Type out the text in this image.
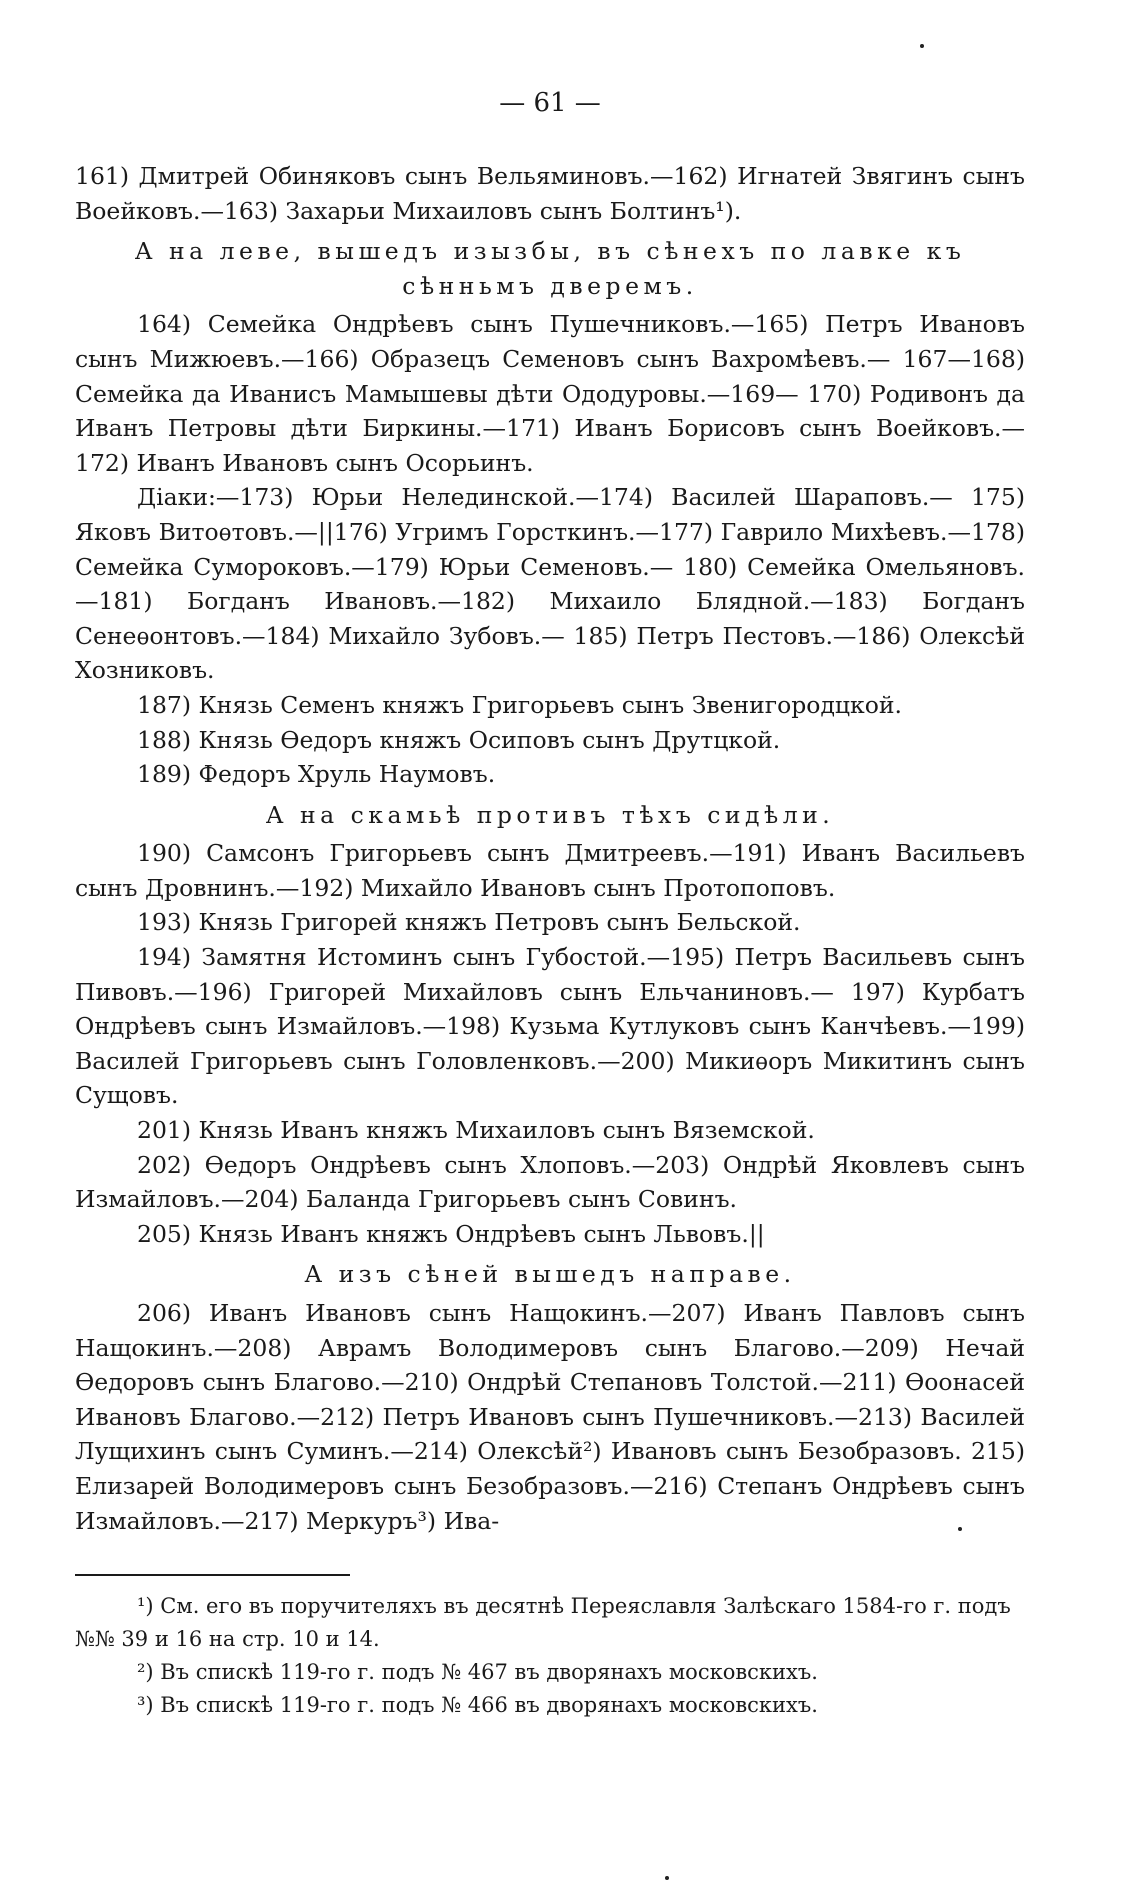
— 61 —

161) Дмитрей Обиняковъ сынъ Вельяминовъ.—162) Игнатей Звягинъ сынъ Воейковъ.—163) Захарьи Михаиловъ сынъ Болтинъ¹).

А на леве, вышедъ изызбы, въ сѣнехъ по лавке къ сѣнньмъ дверемъ.

164) Семейка Ондрѣевъ сынъ Пушечниковъ.—165) Петръ Ивановъ сынъ Мижюевъ.—166) Образецъ Семеновъ сынъ Вахромѣевъ.— 167—168) Семейка да Иванисъ Мамышевы дѣти Ододуровы.—169— 170) Родивонъ да Иванъ Петровы дѣти Биркины.—171) Иванъ Борисовъ сынъ Воейковъ.—172) Иванъ Ивановъ сынъ Осорьинъ.

Дiаки:—173) Юрьи Нелединской.—174) Василей Шараповъ.— 175) Яковъ Витоѳтовъ.—||176) Угримъ Горсткинъ.—177) Гаврило Михѣевъ.—178) Семейка Сумороковъ.—179) Юрьи Семеновъ.— 180) Семейка Омельяновъ.—181) Богданъ Ивановъ.—182) Михаило Блядной.—183) Богданъ Сенеѳонтовъ.—184) Михайло Зубовъ.— 185) Петръ Пестовъ.—186) Олексѣй Хозниковъ.

187) Князь Семенъ княжъ Григорьевъ сынъ Звенигородцкой.

188) Князь Ѳедоръ княжъ Осиповъ сынъ Друтцкой.

189) Федоръ Хруль Наумовъ.

А на скамьѣ противъ тѣхъ сидѣли.

190) Самсонъ Григорьевъ сынъ Дмитреевъ.—191) Иванъ Васильевъ сынъ Дровнинъ.—192) Михайло Ивановъ сынъ Протопоповъ.

193) Князь Григорей княжъ Петровъ сынъ Бельской.

194) Замятня Истоминъ сынъ Губостой.—195) Петръ Васильевъ сынъ Пивовъ.—196) Григорей Михайловъ сынъ Ельчаниновъ.— 197) Курбатъ Ондрѣевъ сынъ Измайловъ.—198) Кузьма Кутлуковъ сынъ Канчѣевъ.—199) Василей Григорьевъ сынъ Головленковъ.—200) Микиѳоръ Микитинъ сынъ Сущовъ.

201) Князь Иванъ княжъ Михаиловъ сынъ Вяземской.

202) Ѳедоръ Ондрѣевъ сынъ Хлоповъ.—203) Ондрѣй Яковлевъ сынъ Измайловъ.—204) Баланда Григорьевъ сынъ Совинъ.

205) Князь Иванъ княжъ Ондрѣевъ сынъ Львовъ.||

А изъ сѣней вышедъ направе.

206) Иванъ Ивановъ сынъ Нащокинъ.—207) Иванъ Павловъ сынъ Нащокинъ.—208) Аврамъ Володимеровъ сынъ Благово.—209) Нечай Ѳедоровъ сынъ Благово.—210) Ондрѣй Степановъ Толстой.—211) Ѳоонасей Ивановъ Благово.—212) Петръ Ивановъ сынъ Пушечниковъ.—213) Василей Лущихинъ сынъ Суминъ.—214) Олексѣй²) Ивановъ сынъ Безобразовъ. 215) Елизарей Володимеровъ сынъ Безобразовъ.—216) Степанъ Ондрѣевъ сынъ Измайловъ.—217) Меркуръ³) Ива-

¹) См. его въ поручителяхъ въ десятнѣ Переяславля Залѣскаго 1584-го г. подъ №№ 39 и 16 на стр. 10 и 14.

²) Въ спискѣ 119-го г. подъ № 467 въ дворянахъ московскихъ.

³) Въ спискѣ 119-го г. подъ № 466 въ дворянахъ московскихъ.
